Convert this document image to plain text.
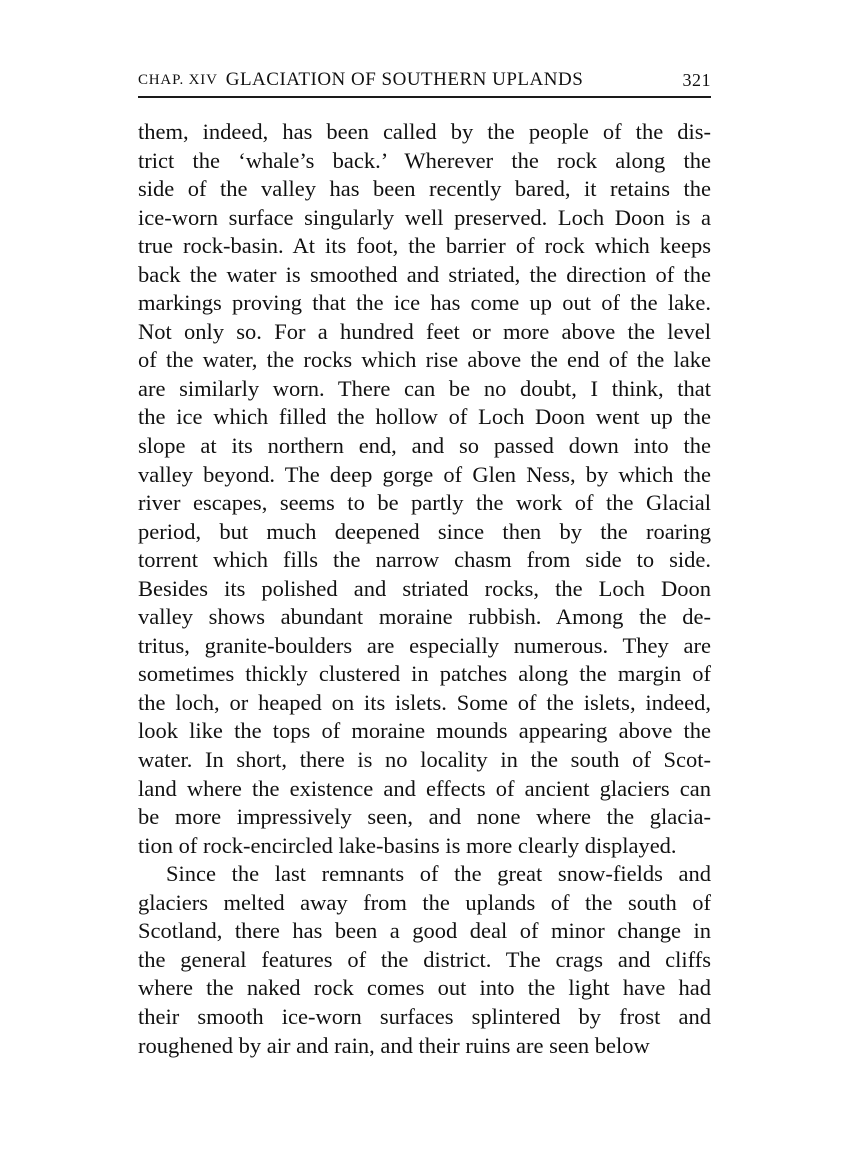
CHAP. XIV GLACIATION OF SOUTHERN UPLANDS	321
them, indeed, has been called by the people of the dis-
trict the ‘whale’s back.’ Wherever the rock along the
side of the valley has been recently bared, it retains the
ice-worn surface singularly well preserved. Loch Doon is a
true rock-basin. At its foot, the barrier of rock which keeps
back the water is smoothed and striated, the direction of the
markings proving that the ice has come up out of the lake.
Not only so. For a hundred feet or more above the level
of the water, the rocks which rise above the end of the lake
are similarly worn. There can be no doubt, I think, that
the ice which filled the hollow of Loch Doon went up the
slope at its northern end, and so passed down into the
valley beyond. The deep gorge of Glen Ness, by which the
river escapes, seems to be partly the work of the Glacial
period, but much deepened since then by the roaring
torrent which fills the narrow chasm from side to side.
Besides its polished and striated rocks, the Loch Doon
valley shows abundant moraine rubbish. Among the de-
tritus, granite-boulders are especially numerous. They are
sometimes thickly clustered in patches along the margin of
the loch, or heaped on its islets. Some of the islets, indeed,
look like the tops of moraine mounds appearing above the
water. In short, there is no locality in the south of Scot-
land where the existence and effects of ancient glaciers can
be more impressively seen, and none where the glacia-
tion of rock-encircled lake-basins is more clearly displayed.
Since the last remnants of the great snow-fields and
glaciers melted away from the uplands of the south of
Scotland, there has been a good deal of minor change in
the general features of the district. The crags and cliffs
where the naked rock comes out into the light have had
their smooth ice-worn surfaces splintered by frost and
roughened by air and rain, and their ruins are seen below
